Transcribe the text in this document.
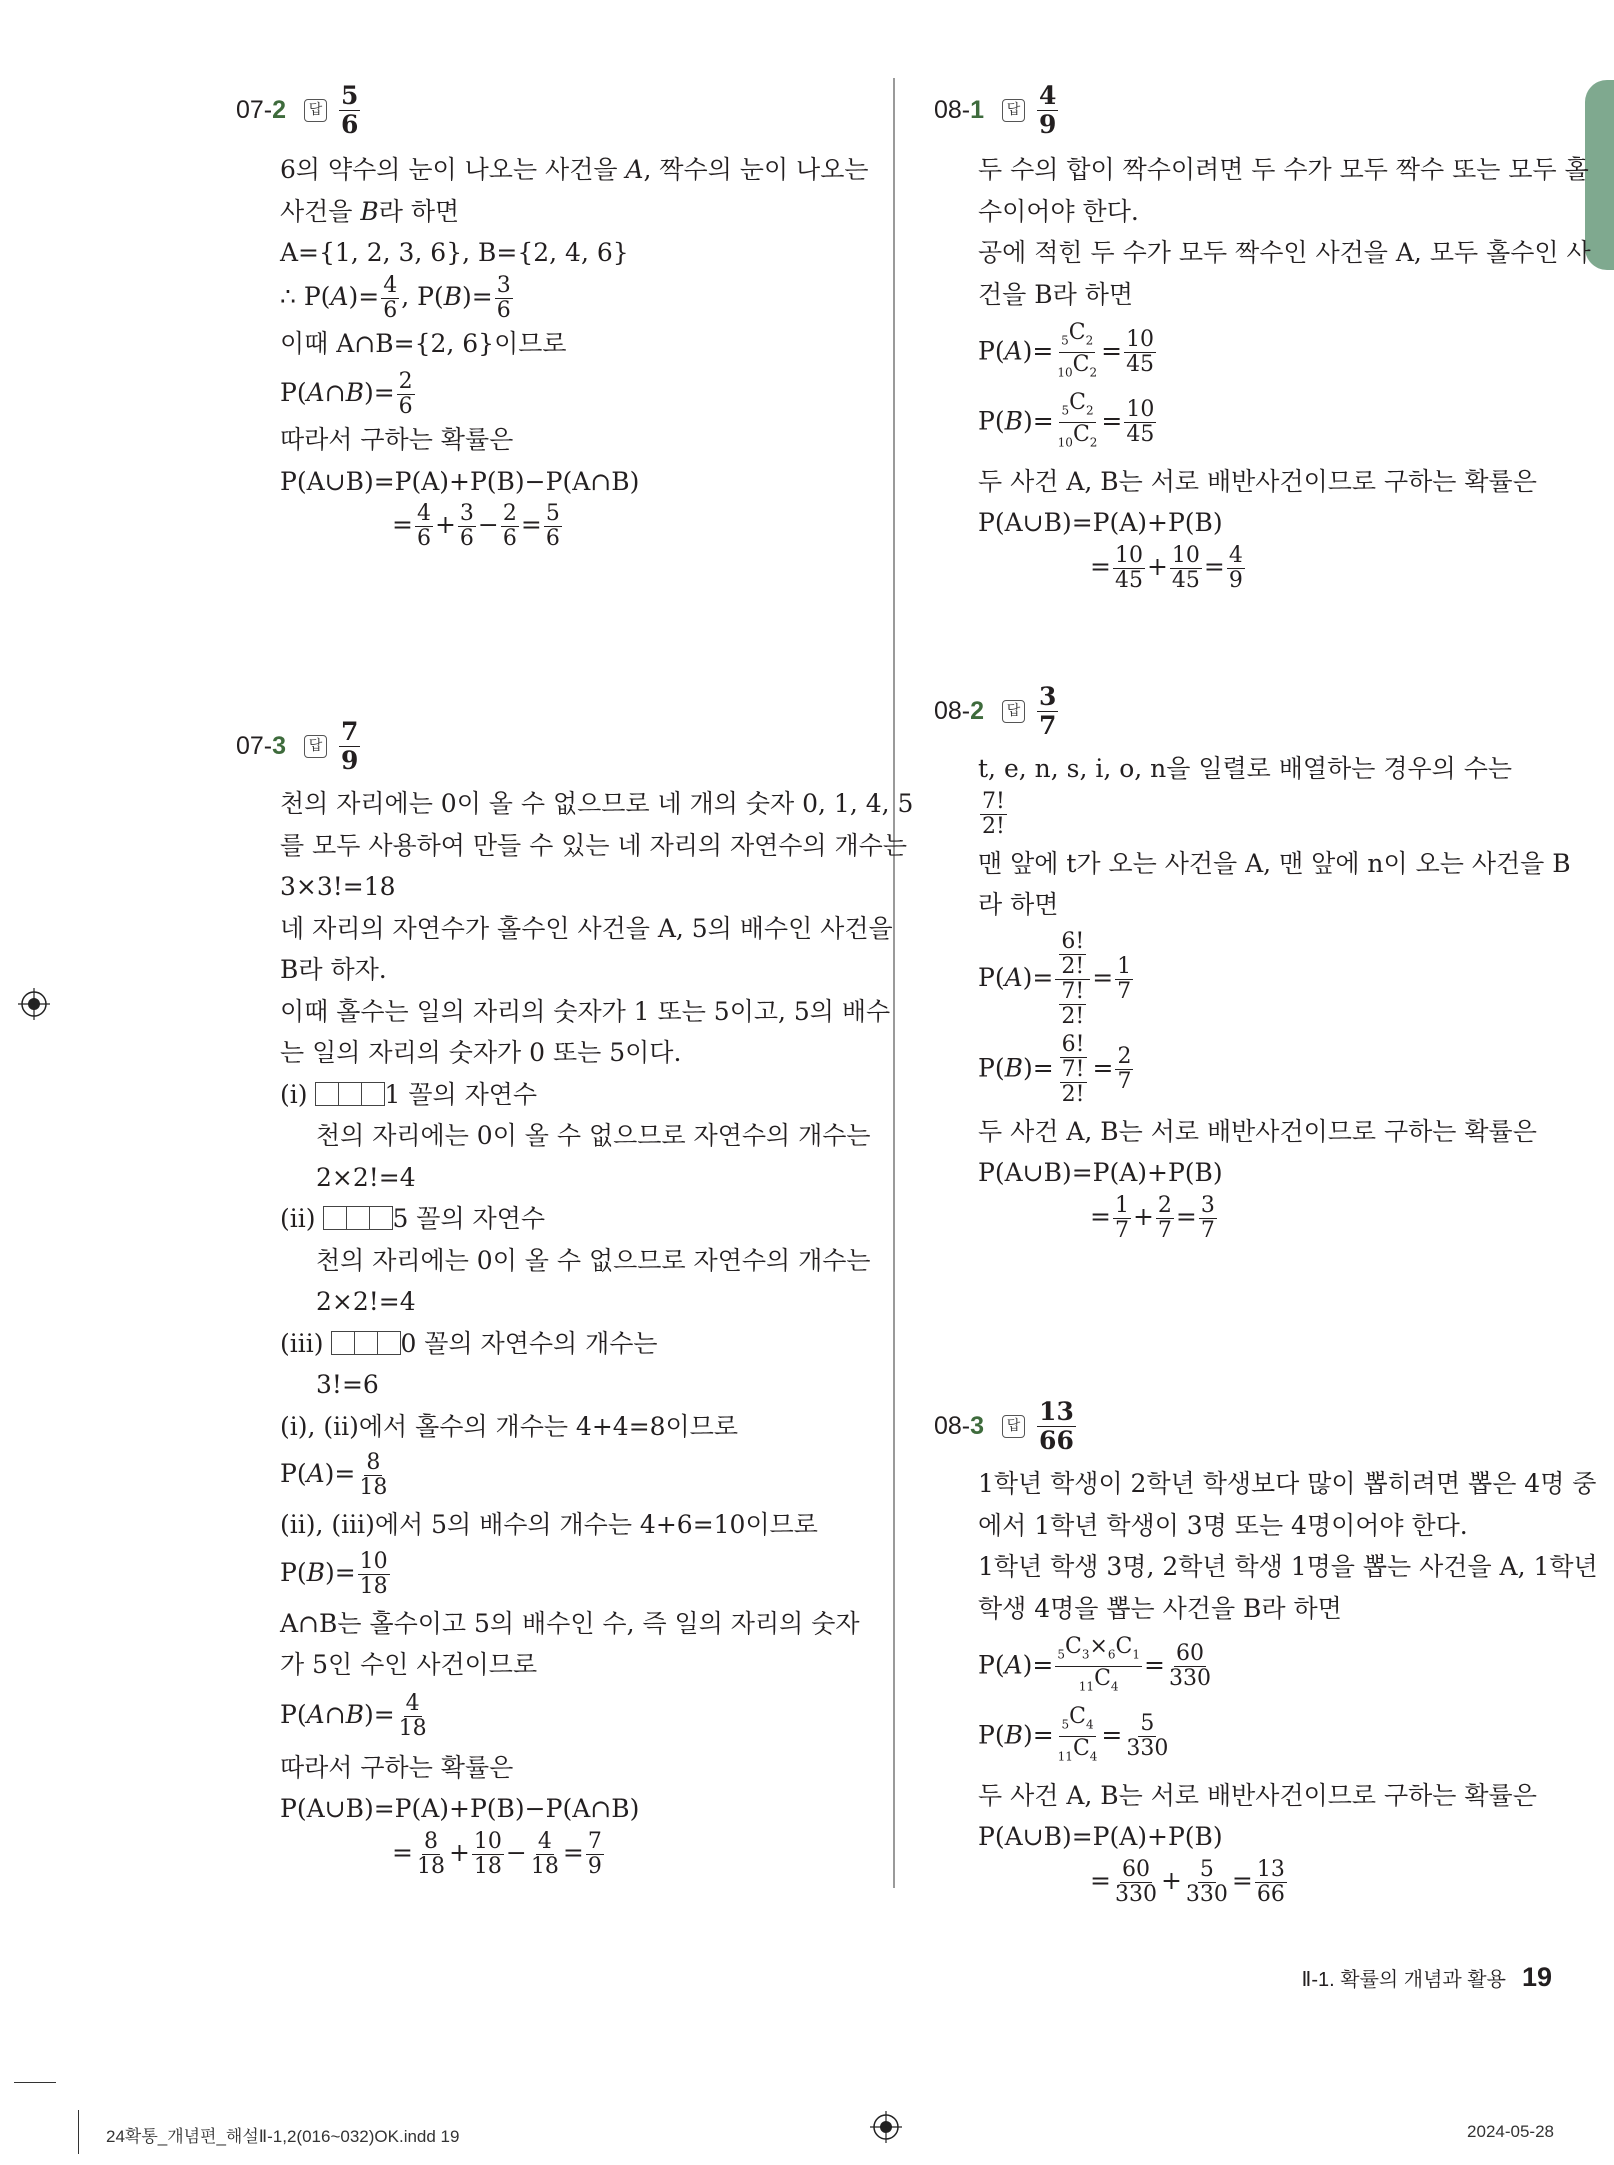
07-2	답 $\frac{5}{6}$
6의 약수의 눈이 나오는 사건을 A, 짝수의 눈이 나오는
사건을 B라 하면
A={1, 2, 3, 6}, B={2, 4, 6}
∴ $P(A)= \frac{4}{6}$ , $P(B)= \frac{3}{6}$
이때 A∩B={2, 6}이므로
P(A∩B)= $\frac{2}{6}$
따라서 구하는 확률은
P(A∪B)=P(A)+P(B)−P(A∩B)
= $\frac{4}{6} + \frac{3}{6} - \frac{2}{6} = \frac{5}{6}$
07-3	답 $\frac{7}{9}$
천의 자리에는 0이 올 수 없으므로 네 개의 숫자 0, 1, 4, 5
를 모두 사용하여 만들 수 있는 네 자리의 자연수의 개수는
3×3!=18
네 자리의 자연수가 홀수인 사건을 A, 5의 배수인 사건을
B라 하자.
이때 홀수는 일의 자리의 숫자가 1 또는 5이고, 5의 배수
는 일의 자리의 숫자가 0 또는 5이다.
(ⅰ)	1 꼴의 자연수
천의 자리에는 0이 올 수 없으므로 자연수의 개수는
2×2!=4
(ⅱ)	5 꼴의 자연수
천의 자리에는 0이 올 수 없으므로 자연수의 개수는
2×2!=4
(ⅲ)	0 꼴의 자연수의 개수는
3!=6
(ⅰ), (ⅱ)에서 홀수의 개수는 4+4=8이므로
$P(A)= \frac{8}{18}$
(ⅱ), (ⅲ)에서 5의 배수의 개수는 4+6=10이므로
$P(B)= \frac{10}{18}$
A∩B는 홀수이고 5의 배수인 수, 즉 일의 자리의 숫자
가 5인 수인 사건이므로
P(A∩B)= $\frac{4}{18}$
따라서 구하는 확률은
P(A∪B)=P(A)+P(B)−P(A∩B)
= $\frac{8}{18} + \frac{10}{18} - \frac{4}{18} = \frac{7}{9}$
08-1	답 $\frac{4}{9}$
두 수의 합이 짝수이려면 두 수가 모두 짝수 또는 모두 홀
수이어야 한다.
공에 적힌 두 수가 모두 짝수인 사건을 A, 모두 홀수인 사
건을 B라 하면
$P(A)= \frac{_5C_2}{_{10}C_2} = \frac{10}{45}$
$P(B)= \frac{_5C_2}{_{10}C_2} = \frac{10}{45}$
두 사건 A, B는 서로 배반사건이므로 구하는 확률은
P(A∪B)=P(A)+P(B)
= $\frac{10}{45} + \frac{10}{45} = \frac{4}{9}$
08-2	답 $\frac{3}{7}$
t, e, n, s, i, o, n을 일렬로 배열하는 경우의 수는
$\frac{7!}{2!}$
맨 앞에 t가 오는 사건을 A, 맨 앞에 n이 오는 사건을 B
라 하면
$P(A)= \frac{\frac{6!}{2!}}{\frac{7!}{2!}} = \frac{1}{7}$
$P(B)= \frac{6!}{\frac{7!}{2!}} = \frac{2}{7}$
두 사건 A, B는 서로 배반사건이므로 구하는 확률은
P(A∪B)=P(A)+P(B)
= $\frac{1}{7} + \frac{2}{7} = \frac{3}{7}$
08-3	답 $\frac{13}{66}$
1학년 학생이 2학년 학생보다 많이 뽑히려면 뽑은 4명 중
에서 1학년 학생이 3명 또는 4명이어야 한다.
1학년 학생 3명, 2학년 학생 1명을 뽑는 사건을 A, 1학년
학생 4명을 뽑는 사건을 B라 하면
$P(A)= \frac{_5C_3\times_6C_1}{_{11}C_4} = \frac{60}{330}$
$P(B)= \frac{_5C_4}{_{11}C_4} = \frac{5}{330}$
두 사건 A, B는 서로 배반사건이므로 구하는 확률은
P(A∪B)=P(A)+P(B)
= $\frac{60}{330} + \frac{5}{330} = \frac{13}{66}$
Ⅱ-1. 확률의 개념과 활용 19
24확통_개념편_해설Ⅱ-1,2(016~032)OK.indd 19	2024-05-28
